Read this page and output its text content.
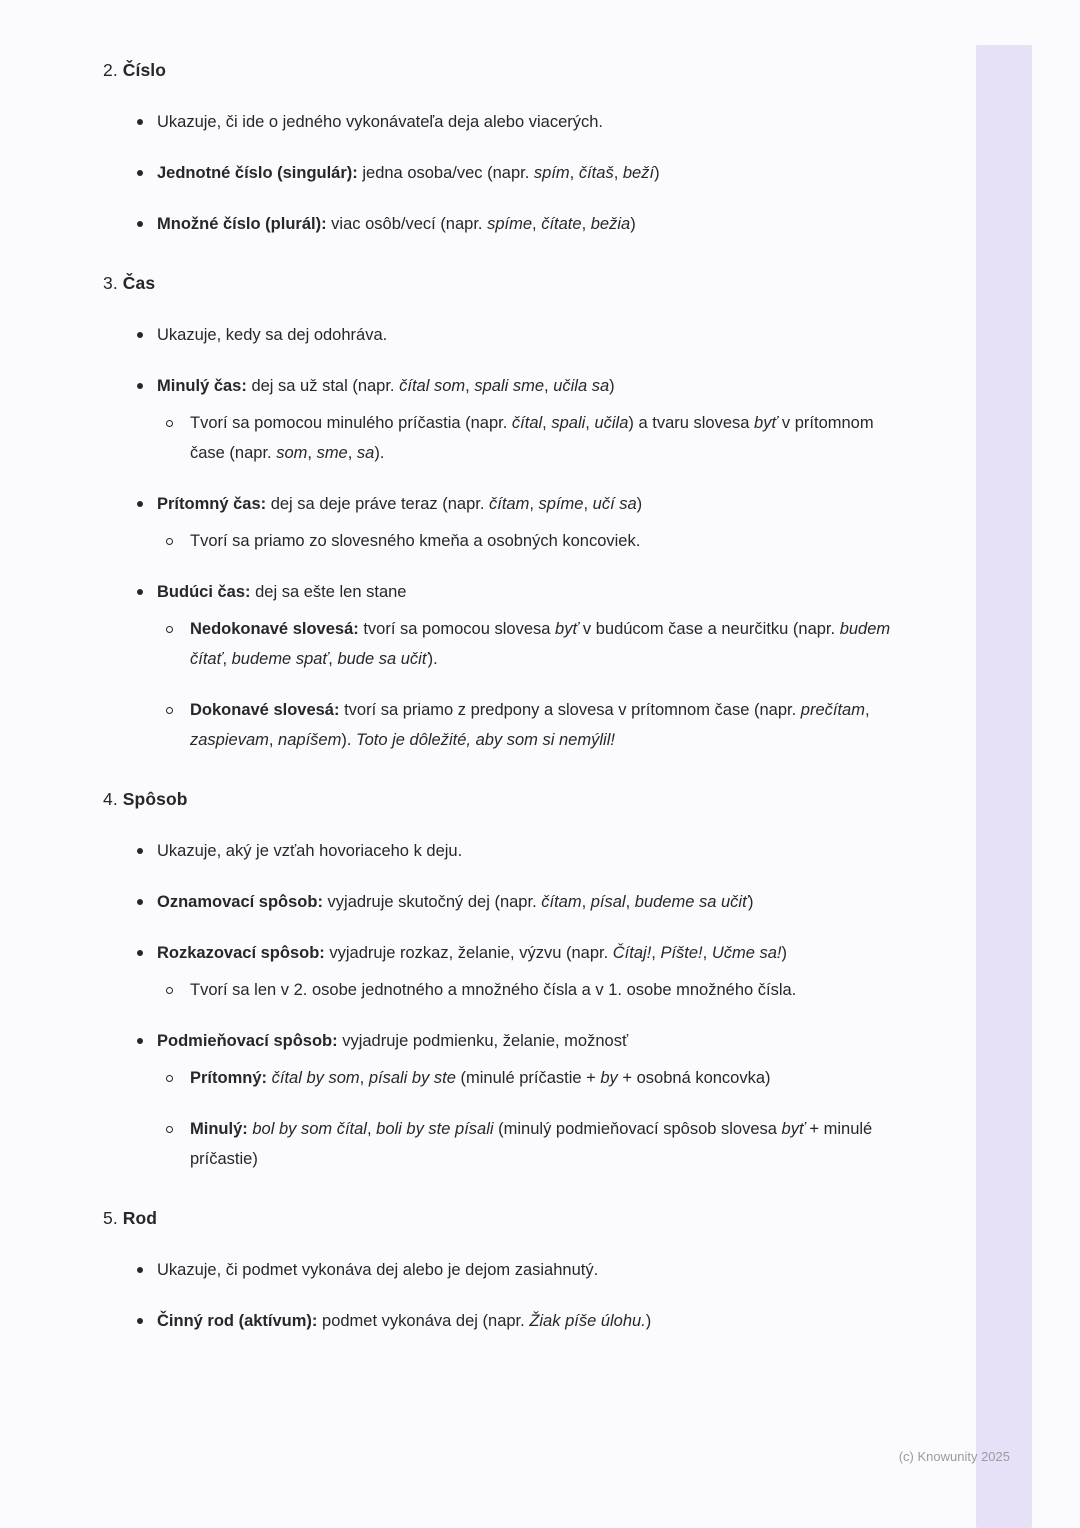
2. Číslo
Ukazuje, či ide o jedného vykonávateľa deja alebo viacerých.
Jednotné číslo (singulár): jedna osoba/vec (napr. spím, čítaš, beží)
Množné číslo (plurál): viac osôb/vecí (napr. spíme, čítate, bežia)
3. Čas
Ukazuje, kedy sa dej odohráva.
Minulý čas: dej sa už stal (napr. čítal som, spali sme, učila sa)
Tvorí sa pomocou minulého príčastia (napr. čítal, spali, učila) a tvaru slovesa byť v prítomnom čase (napr. som, sme, sa).
Prítomný čas: dej sa deje práve teraz (napr. čítam, spíme, učí sa)
Tvorí sa priamo zo slovesného kmeňa a osobných koncoviek.
Budúci čas: dej sa ešte len stane
Nedokonavé slovesá: tvorí sa pomocou slovesa byť v budúcom čase a neurčitku (napr. budem čítať, budeme spať, bude sa učiť).
Dokonavé slovesá: tvorí sa priamo z predpony a slovesa v prítomnom čase (napr. prečítam, zaspievam, napíšem). Toto je dôležité, aby som si nemýlil!
4. Spôsob
Ukazuje, aký je vzťah hovoriaceho k deju.
Oznamovací spôsob: vyjadruje skutočný dej (napr. čítam, písal, budeme sa učiť)
Rozkazovací spôsob: vyjadruje rozkaz, želanie, výzvu (napr. Čítaj!, Píšte!, Učme sa!)
Tvorí sa len v 2. osobe jednotného a množného čísla a v 1. osobe množného čísla.
Podmieňovací spôsob: vyjadruje podmienku, želanie, možnosť
Prítomný: čítal by som, písali by ste (minulé príčastie + by + osobná koncovka)
Minulý: bol by som čítal, boli by ste písali (minulý podmieňovací spôsob slovesa byť + minulé príčastie)
5. Rod
Ukazuje, či podmet vykonáva dej alebo je dejom zasiahnutý.
Činný rod (aktívum): podmet vykonáva dej (napr. Žiak píše úlohu.)
(c) Knowunity 2025
